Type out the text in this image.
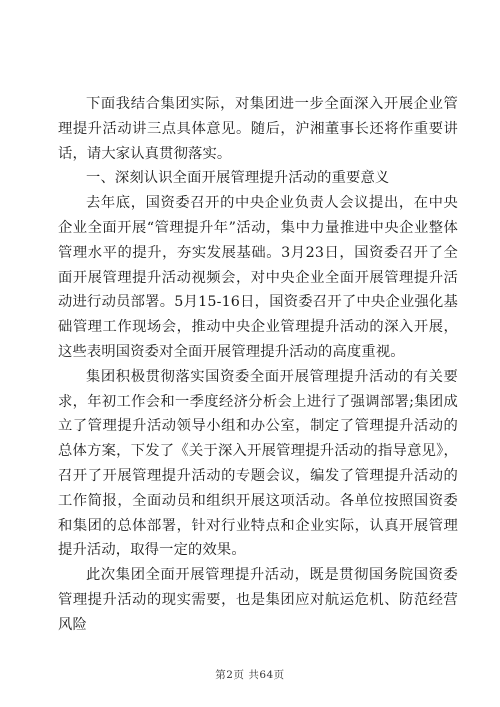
下面我结合集团实际，对集团进一步全面深入开展企业管理提升活动讲三点具体意见。随后，沪湘董事长还将作重要讲话，请大家认真贯彻落实。

一、深刻认识全面开展管理提升活动的重要意义

去年底，国资委召开的中央企业负责人会议提出，在中央企业全面开展“管理提升年”活动，集中力量推进中央企业整体管理水平的提升，夯实发展基础。3月23日，国资委召开了全面开展管理提升活动视频会，对中央企业全面开展管理提升活动进行动员部署。5月15-16日，国资委召开了中央企业强化基础管理工作现场会，推动中央企业管理提升活动的深入开展，这些表明国资委对全面开展管理提升活动的高度重视。

集团积极贯彻落实国资委全面开展管理提升活动的有关要求，年初工作会和一季度经济分析会上进行了强调部署;集团成立了管理提升活动领导小组和办公室，制定了管理提升活动的总体方案，下发了《关于深入开展管理提升活动的指导意见》，召开了开展管理提升活动的专题会议，编发了管理提升活动的工作简报，全面动员和组织开展这项活动。各单位按照国资委和集团的总体部署，针对行业特点和企业实际，认真开展管理提升活动，取得一定的效果。

此次集团全面开展管理提升活动，既是贯彻国务院国资委管理提升活动的现实需要，也是集团应对航运危机、防范经营风险

第2页 共64页
